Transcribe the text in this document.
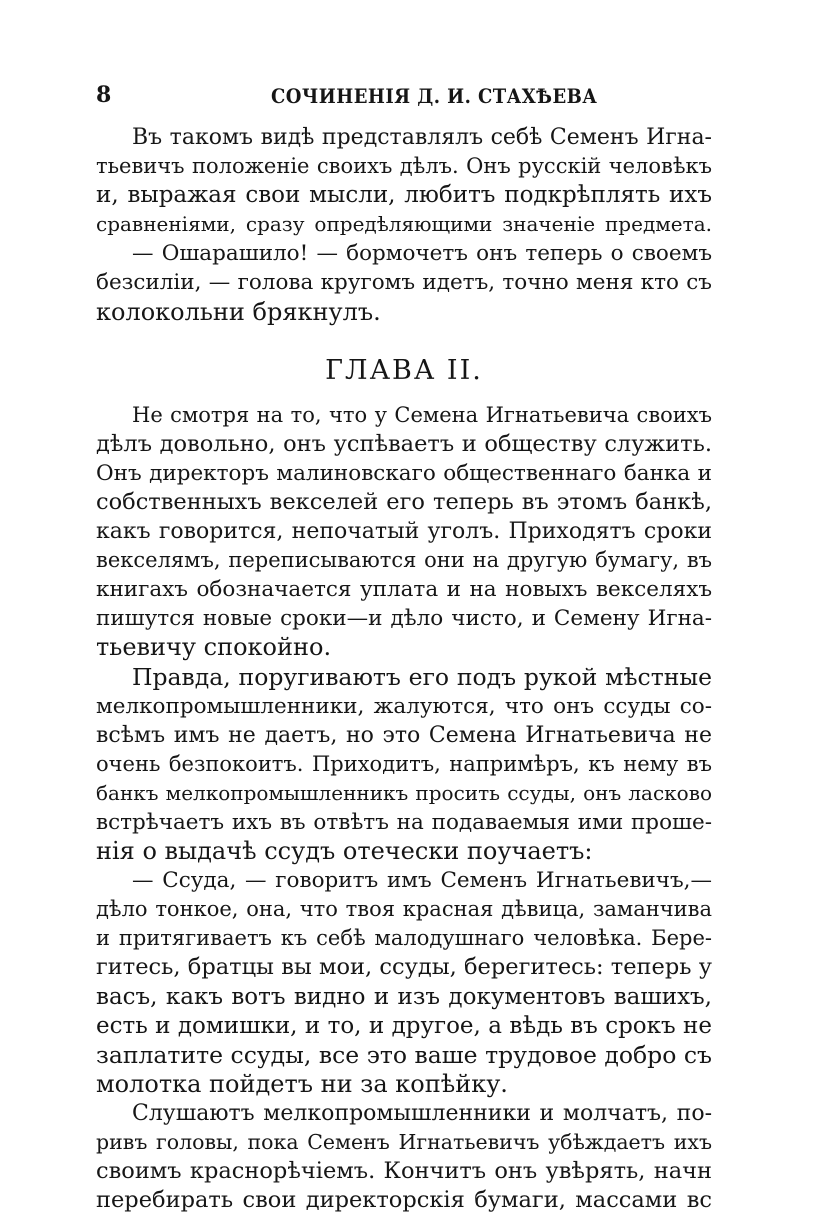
8	СОЧИНЕНІЯ Д. И. СТАХѢЕВА
Въ такомъ видѣ представлялъ себѣ Семенъ Игна-
тьевичъ положеніе своихъ дѣлъ. Онъ русскій человѣкъ
и, выражая свои мысли, любитъ подкрѣплять ихъ
сравненіями, сразу опредѣляющими значеніе предмета.
— Ошарашило! — бормочетъ онъ теперь о своемъ
безсиліи, — голова кругомъ идетъ, точно меня кто съ
колокольни брякнулъ.
ГЛАВА II.
Не смотря на то, что у Семена Игнатьевича своихъ
дѣлъ довольно, онъ успѣваетъ и обществу служить.
Онъ директоръ малиновскаго общественнаго банка и
собственныхъ векселей его теперь въ этомъ банкѣ,
какъ говорится, непочатый уголъ. Приходятъ сроки
векселямъ, переписываются они на другую бумагу, въ
книгахъ обозначается уплата и на новыхъ векселяхъ
пишутся новые сроки—и дѣло чисто, и Семену Игна-
тьевичу спокойно.
Правда, поругиваютъ его подъ рукой мѣстные
мелкопромышленники, жалуются, что онъ ссуды со-
всѣмъ имъ не даетъ, но это Семена Игнатьевича не
очень безпокоитъ. Приходитъ, напримѣръ, къ нему въ
банкъ мелкопромышленникъ просить ссуды, онъ ласково
встрѣчаетъ ихъ въ отвѣтъ на подаваемыя ими проше-
нія о выдачѣ ссудъ отечески поучаетъ:
— Ссуда, — говоритъ имъ Семенъ Игнатьевичъ,—
дѣло тонкое, она, что твоя красная дѣвица, заманчива
и притягиваетъ къ себѣ малодушнаго человѣка. Бере-
гитесь, братцы вы мои, ссуды, берегитесь: теперь у
васъ, какъ вотъ видно и изъ документовъ вашихъ,
есть и домишки, и то, и другое, а вѣдь въ срокъ не
заплатите ссуды, все это ваше трудовое добро съ
молотка пойдетъ ни за копѣйку.
Слушаютъ мелкопромышленники и молчатъ, по-
ривъ головы, пока Семенъ Игнатьевичъ убѣждаетъ ихъ
своимъ краснорѣчіемъ. Кончитъ онъ увѣрять, начн
перебирать свои директорскія бумаги, массами вс
